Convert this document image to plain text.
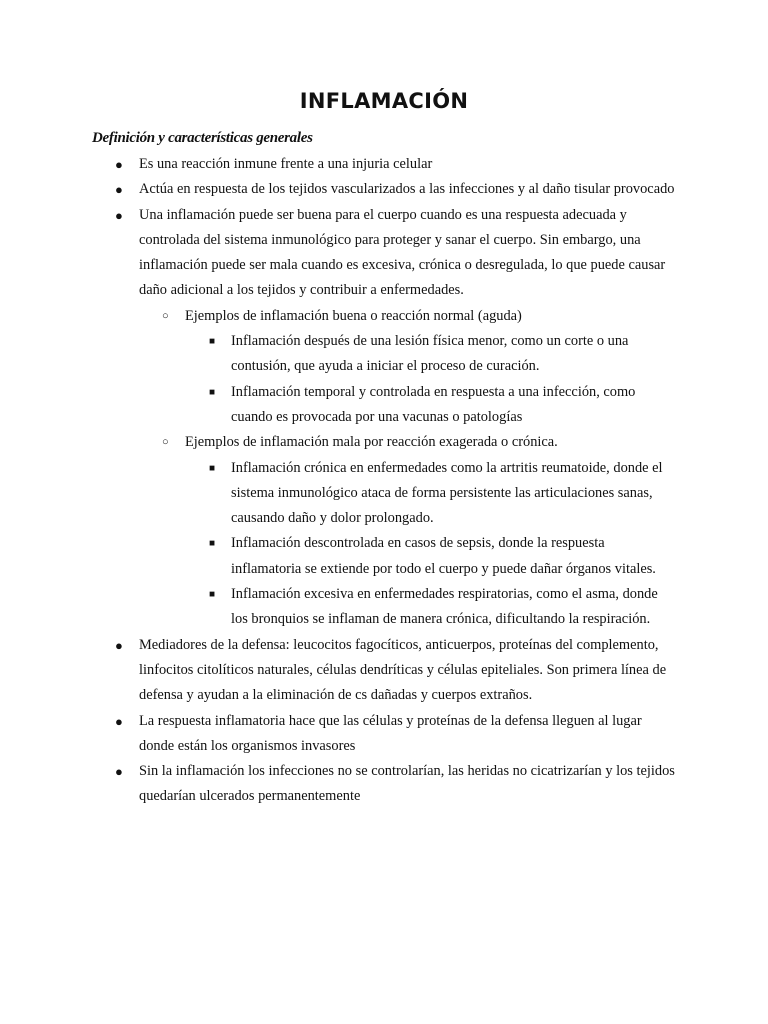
INFLAMACIÓN
Definición y características generales
● Es una reacción inmune frente a una injuria celular
● Actúa en respuesta de los tejidos vascularizados a las infecciones y al daño tisular provocado
● Una inflamación puede ser buena para el cuerpo cuando es una respuesta adecuada y controlada del sistema inmunológico para proteger y sanar el cuerpo. Sin embargo, una inflamación puede ser mala cuando es excesiva, crónica o desregulada, lo que puede causar daño adicional a los tejidos y contribuir a enfermedades.
○ Ejemplos de inflamación buena o reacción normal (aguda)
■ Inflamación después de una lesión física menor, como un corte o una contusión, que ayuda a iniciar el proceso de curación.
■ Inflamación temporal y controlada en respuesta a una infección, como cuando es provocada por una vacunas o patologías
○ Ejemplos de inflamación mala por reacción exagerada o crónica.
■ Inflamación crónica en enfermedades como la artritis reumatoide, donde el sistema inmunológico ataca de forma persistente las articulaciones sanas, causando daño y dolor prolongado.
■ Inflamación descontrolada en casos de sepsis, donde la respuesta inflamatoria se extiende por todo el cuerpo y puede dañar órganos vitales.
■ Inflamación excesiva en enfermedades respiratorias, como el asma, donde los bronquios se inflaman de manera crónica, dificultando la respiración.
● Mediadores de la defensa: leucocitos fagocíticos, anticuerpos, proteínas del complemento, linfocitos citolíticos naturales, células dendríticas y células epiteliales. Son primera línea de defensa y ayudan a la eliminación de cs dañadas y cuerpos extraños.
● La respuesta inflamatoria hace que las células y proteínas de la defensa lleguen al lugar donde están los organismos invasores
● Sin la inflamación los infecciones no se controlarían, las heridas no cicatrizarían y los tejidos quedarían ulcerados permanentemente
